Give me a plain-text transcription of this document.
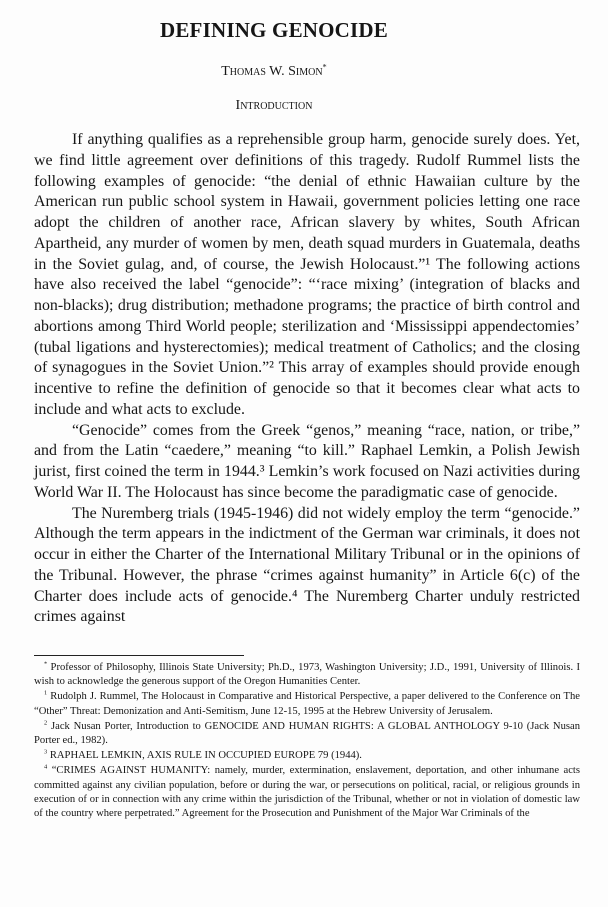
DEFINING GENOCIDE
Thomas W. Simon*
Introduction

If anything qualifies as a reprehensible group harm, genocide surely does. Yet, we find little agreement over definitions of this tragedy. Rudolf Rummel lists the following examples of genocide: “the denial of ethnic Hawaiian culture by the American run public school system in Hawaii, government policies letting one race adopt the children of another race, African slavery by whites, South African Apartheid, any murder of women by men, death squad murders in Guatemala, deaths in the Soviet gulag, and, of course, the Jewish Holocaust.”¹ The following actions have also received the label “genocide”: “‘race mixing’ (integration of blacks and non-blacks); drug distribution; methadone programs; the practice of birth control and abortions among Third World people; sterilization and ‘Mississippi appendectomies’ (tubal ligations and hysterectomies); medical treatment of Catholics; and the closing of synagogues in the Soviet Union.”² This array of examples should provide enough incentive to refine the definition of genocide so that it becomes clear what acts to include and what acts to exclude.

“Genocide” comes from the Greek “genos,” meaning “race, nation, or tribe,” and from the Latin “caedere,” meaning “to kill.” Raphael Lemkin, a Polish Jewish jurist, first coined the term in 1944.³ Lemkin’s work focused on Nazi activities during World War II. The Holocaust has since become the paradigmatic case of genocide.

The Nuremberg trials (1945-1946) did not widely employ the term “genocide.” Although the term appears in the indictment of the German war criminals, it does not occur in either the Charter of the International Military Tribunal or in the opinions of the Tribunal. However, the phrase “crimes against humanity” in Article 6(c) of the Charter does include acts of genocide.⁴ The Nuremberg Charter unduly restricted crimes against

* Professor of Philosophy, Illinois State University; Ph.D., 1973, Washington University; J.D., 1991, University of Illinois. I wish to acknowledge the generous support of the Oregon Humanities Center.

$^1$ Rudolph J. Rummel, The Holocaust in Comparative and Historical Perspective, a paper delivered to the Conference on The “Other” Threat: Demonization and Anti-Semitism, June 12-15, 1995 at the Hebrew University of Jerusalem.

$^2$ Jack Nusan Porter, Introduction to GENOCIDE AND HUMAN RIGHTS: A GLOBAL ANTHOLOGY 9-10 (Jack Nusan Porter ed., 1982).

$^3$ RAPHAEL LEMKIN, AXIS RULE IN OCCUPIED EUROPE 79 (1944).

$^4$ “CRIMES AGAINST HUMANITY: namely, murder, extermination, enslavement, deportation, and other inhumane acts committed against any civilian population, before or during the war, or persecutions on political, racial, or religious grounds in execution of or in connection with any crime within the jurisdiction of the Tribunal, whether or not in violation of domestic law of the country where perpetrated.” Agreement for the Prosecution and Punishment of the Major War Criminals of the
